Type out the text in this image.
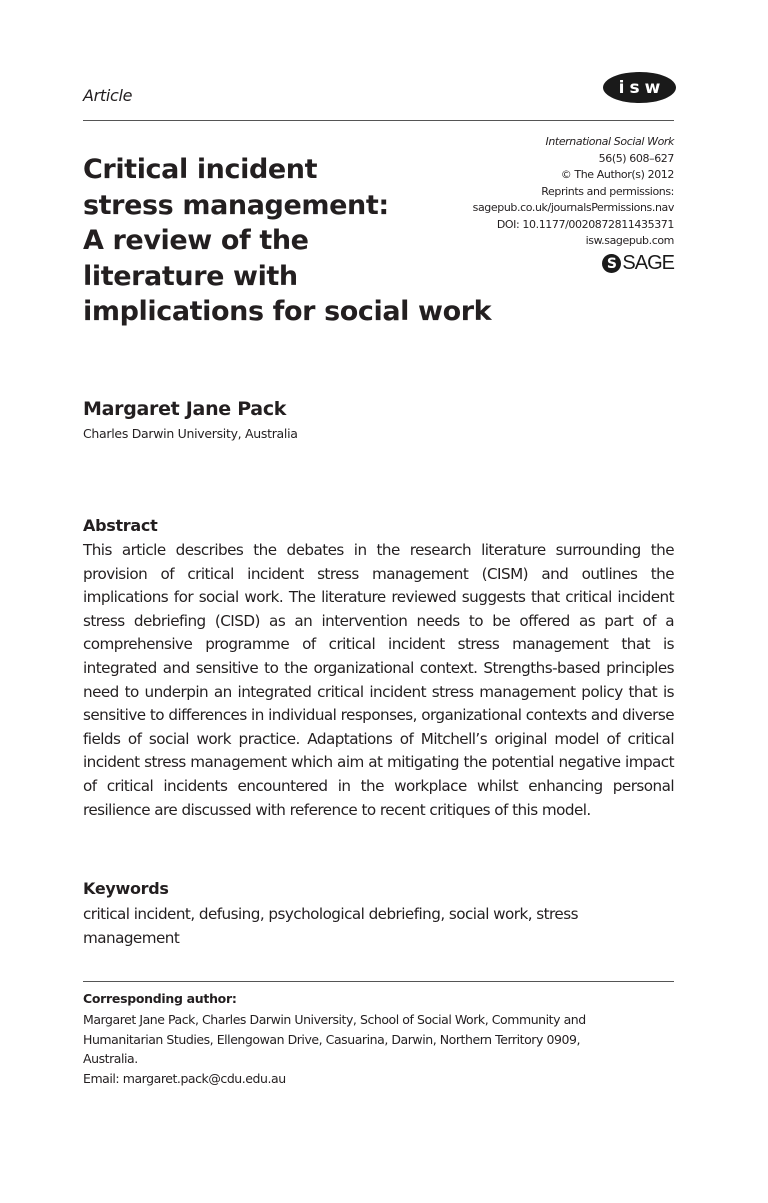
Article	isw
Critical incident
stress management:
A review of the
literature with
implications for social work
International Social Work
56(5) 608–627
© The Author(s) 2012
Reprints and permissions:
sagepub.co.uk/journalsPermissions.nav
DOI: 10.1177/0020872811435371
isw.sagepub.com
S SAGE
Margaret Jane Pack
Charles Darwin University, Australia
Abstract
This article describes the debates in the research literature surrounding the provision of critical incident stress management (CISM) and outlines the implications for social work. The literature reviewed suggests that critical incident stress debriefing (CISD) as an intervention needs to be offered as part of a comprehensive programme of critical incident stress management that is integrated and sensitive to the organizational context. Strengths-based principles need to underpin an integrated critical incident stress management policy that is sensitive to differences in individual responses, organizational contexts and diverse fields of social work practice. Adaptations of Mitchell’s original model of critical incident stress management which aim at mitigating the potential negative impact of critical incidents encountered in the workplace whilst enhancing personal resilience are discussed with reference to recent critiques of this model.
Keywords
critical incident, defusing, psychological debriefing, social work, stress management
Corresponding author:
Margaret Jane Pack, Charles Darwin University, School of Social Work, Community and
Humanitarian Studies, Ellengowan Drive, Casuarina, Darwin, Northern Territory 0909,
Australia.
Email: margaret.pack@cdu.edu.au
